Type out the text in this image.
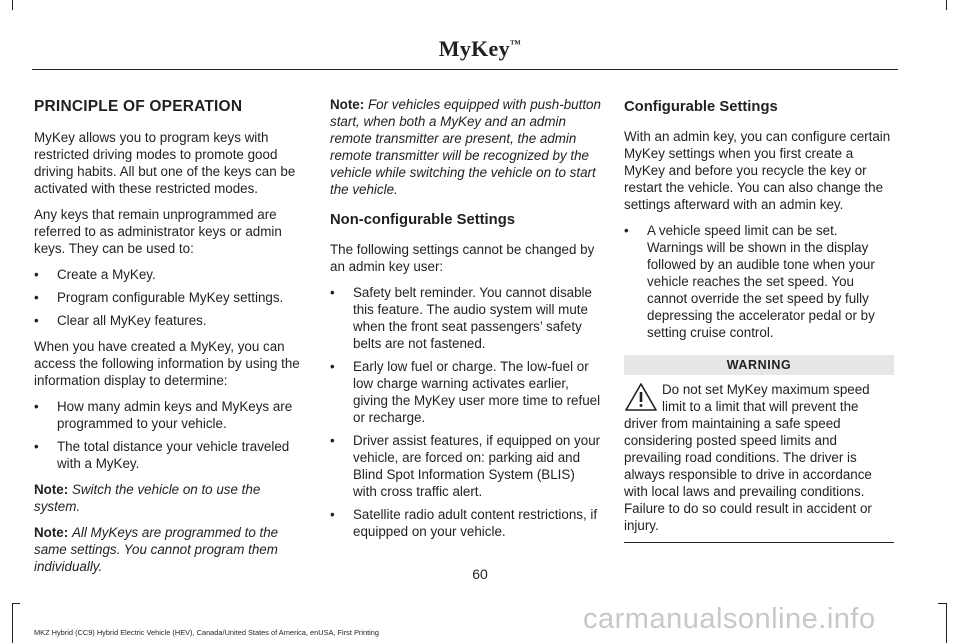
MyKey™
PRINCIPLE OF OPERATION

MyKey allows you to program keys with restricted driving modes to promote good driving habits. All but one of the keys can be activated with these restricted modes.

Any keys that remain unprogrammed are referred to as administrator keys or admin keys. They can be used to:

• Create a MyKey.
• Program configurable MyKey settings.
• Clear all MyKey features.

When you have created a MyKey, you can access the following information by using the information display to determine:

• How many admin keys and MyKeys are programmed to your vehicle.
• The total distance your vehicle traveled with a MyKey.

Note: Switch the vehicle on to use the system.

Note: All MyKeys are programmed to the same settings. You cannot program them individually.

Note: For vehicles equipped with push-button start, when both a MyKey and an admin remote transmitter are present, the admin remote transmitter will be recognized by the vehicle while switching the vehicle on to start the vehicle.

Non-configurable Settings

The following settings cannot be changed by an admin key user:

• Safety belt reminder. You cannot disable this feature. The audio system will mute when the front seat passengers’ safety belts are not fastened.
• Early low fuel or charge. The low-fuel or low charge warning activates earlier, giving the MyKey user more time to refuel or recharge.
• Driver assist features, if equipped on your vehicle, are forced on: parking aid and Blind Spot Information System (BLIS) with cross traffic alert.
• Satellite radio adult content restrictions, if equipped on your vehicle.
Configurable Settings

With an admin key, you can configure certain MyKey settings when you first create a MyKey and before you recycle the key or restart the vehicle. You can also change the settings afterward with an admin key.

• A vehicle speed limit can be set. Warnings will be shown in the display followed by an audible tone when your vehicle reaches the set speed. You cannot override the set speed by fully depressing the accelerator pedal or by setting cruise control.
WARNING
Do not set MyKey maximum speed limit to a limit that will prevent the driver from maintaining a safe speed considering posted speed limits and prevailing road conditions. The driver is always responsible to drive in accordance with local laws and prevailing conditions. Failure to do so could result in accident or injury.
60
MKZ Hybrid (CC9) Hybrid Electric Vehicle (HEV), Canada/United States of America, enUSA, First Printing	carmanualsonline.info
